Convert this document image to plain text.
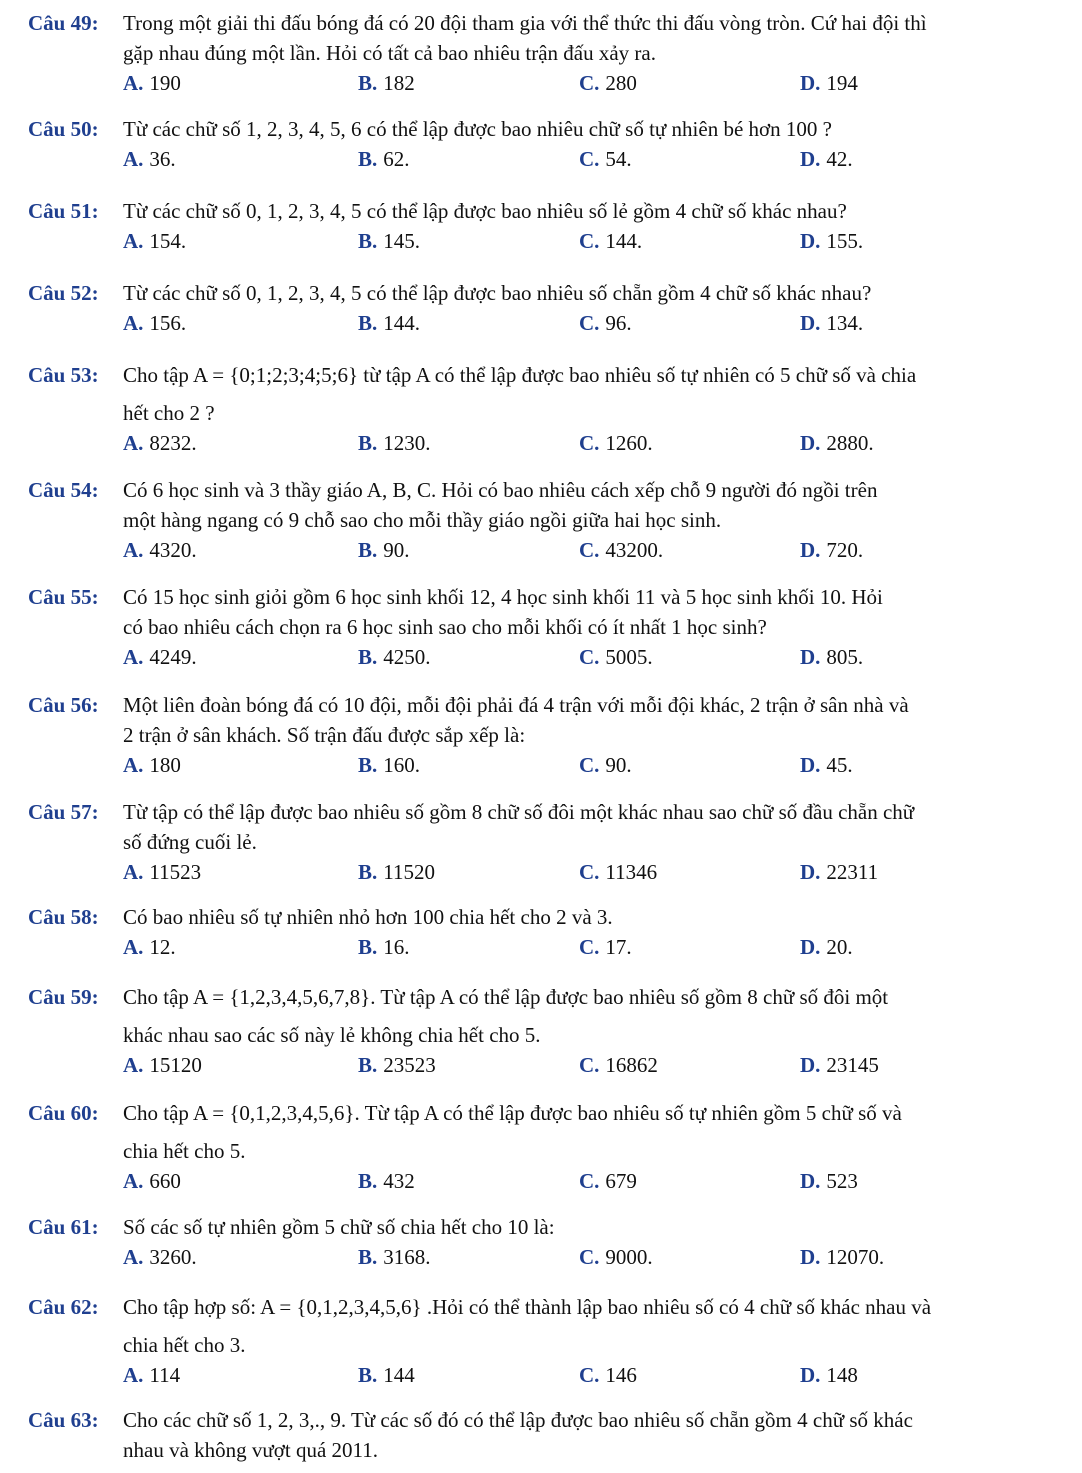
Câu 49: Trong một giải thi đấu bóng đá có 20 đội tham gia với thể thức thi đấu vòng tròn. Cứ hai đội thì
gặp nhau đúng một lần. Hỏi có tất cả bao nhiêu trận đấu xảy ra.
A. 190	B. 182	C. 280	D. 194
Câu 50: Từ các chữ số 1, 2, 3, 4, 5, 6 có thể lập được bao nhiêu chữ số tự nhiên bé hơn 100 ?
A. 36.	B. 62.	C. 54.	D. 42.
Câu 51: Từ các chữ số 0, 1, 2, 3, 4, 5 có thể lập được bao nhiêu số lẻ gồm 4 chữ số khác nhau?
A. 154.	B. 145.	C. 144.	D. 155.
Câu 52: Từ các chữ số 0, 1, 2, 3, 4, 5 có thể lập được bao nhiêu số chẵn gồm 4 chữ số khác nhau?
A. 156.	B. 144.	C. 96.	D. 134.
Câu 53: Cho tập A = {0;1;2;3;4;5;6} từ tập A có thể lập được bao nhiêu số tự nhiên có 5 chữ số và chia
hết cho 2 ?
A. 8232.	B. 1230.	C. 1260.	D. 2880.
Câu 54: Có 6 học sinh và 3 thầy giáo A, B, C. Hỏi có bao nhiêu cách xếp chỗ 9 người đó ngồi trên
một hàng ngang có 9 chỗ sao cho mỗi thầy giáo ngồi giữa hai học sinh.
A. 4320.	B. 90.	C. 43200.	D. 720.
Câu 55: Có 15 học sinh giỏi gồm 6 học sinh khối 12, 4 học sinh khối 11 và 5 học sinh khối 10. Hỏi
có bao nhiêu cách chọn ra 6 học sinh sao cho mỗi khối có ít nhất 1 học sinh?
A. 4249.	B. 4250.	C. 5005.	D. 805.
Câu 56: Một liên đoàn bóng đá có 10 đội, mỗi đội phải đá 4 trận với mỗi đội khác, 2 trận ở sân nhà và
2 trận ở sân khách. Số trận đấu được sắp xếp là:
A. 180	B. 160.	C. 90.	D. 45.
Câu 57: Từ tập có thể lập được bao nhiêu số gồm 8 chữ số đôi một khác nhau sao chữ số đầu chẵn chữ
số đứng cuối lẻ.
A. 11523	B. 11520	C. 11346	D. 22311
Câu 58: Có bao nhiêu số tự nhiên nhỏ hơn 100 chia hết cho 2 và 3.
A. 12.	B. 16.	C. 17.	D. 20.
Câu 59: Cho tập A = {1,2,3,4,5,6,7,8}. Từ tập A có thể lập được bao nhiêu số gồm 8 chữ số đôi một
khác nhau sao các số này lẻ không chia hết cho 5.
A. 15120	B. 23523	C. 16862	D. 23145
Câu 60: Cho tập A = {0,1,2,3,4,5,6}. Từ tập A có thể lập được bao nhiêu số tự nhiên gồm 5 chữ số và
chia hết cho 5.
A. 660	B. 432	C. 679	D. 523
Câu 61: Số các số tự nhiên gồm 5 chữ số chia hết cho 10 là:
A. 3260.	B. 3168.	C. 9000.	D. 12070.
Câu 62: Cho tập hợp số: A = {0,1,2,3,4,5,6} .Hỏi có thể thành lập bao nhiêu số có 4 chữ số khác nhau và
chia hết cho 3.
A. 114	B. 144	C. 146	D. 148
Câu 63: Cho các chữ số 1, 2, 3,., 9. Từ các số đó có thể lập được bao nhiêu số chẵn gồm 4 chữ số khác
nhau và không vượt quá 2011.
